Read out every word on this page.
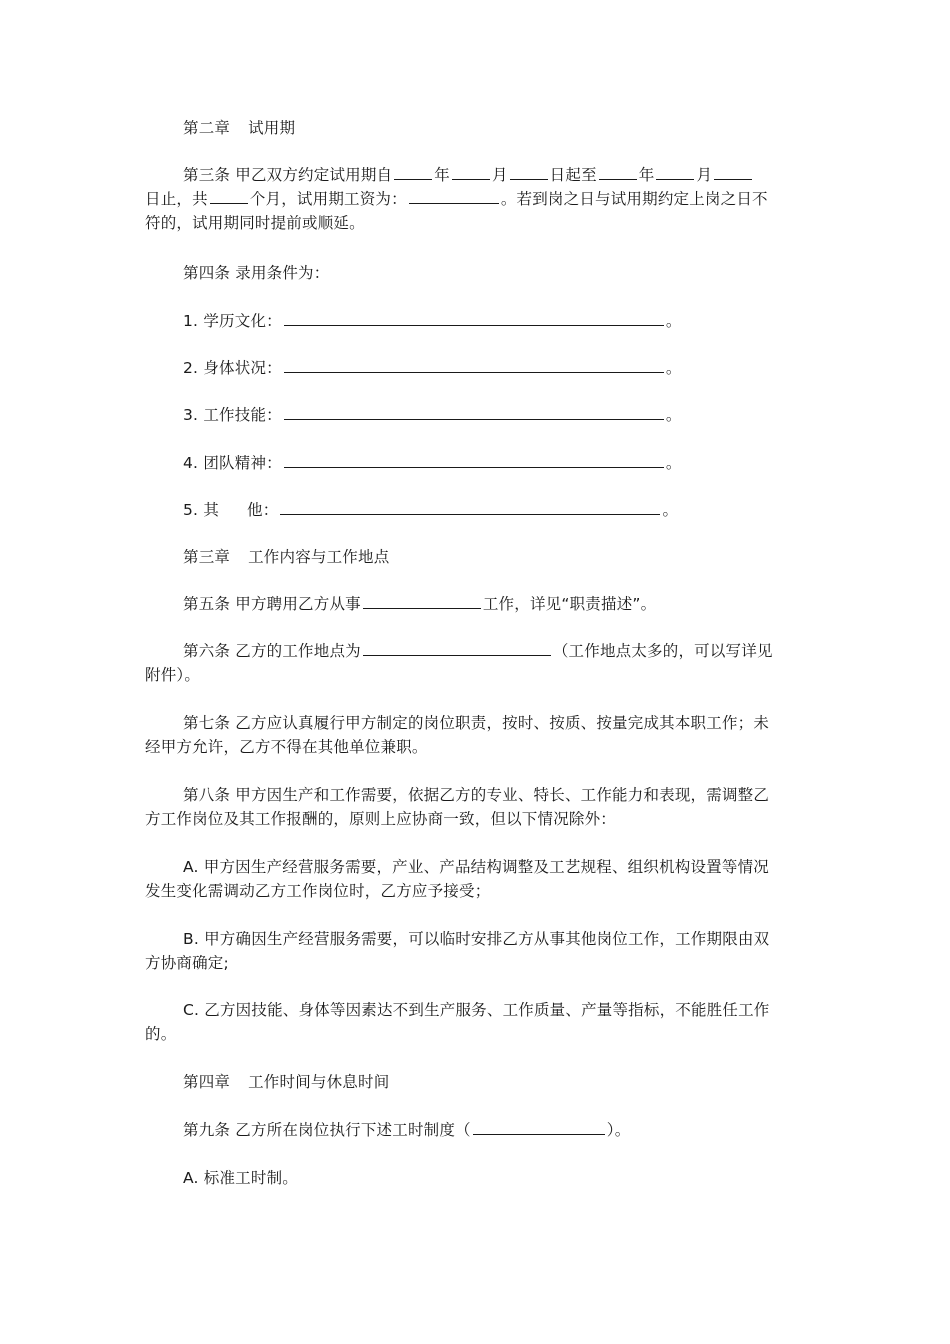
第二章 试用期
第三条 甲乙双方约定试用期自	年	月	日起至	年	月
日止，共	个月，试用期工资为：	。若到岗之日与试用期约定上岗之日不
符的，试用期同时提前或顺延。
第四条 录用条件为：
1. 学历文化：	。
2. 身体状况：	。
3. 工作技能：	。
4. 团队精神：	。
5. 其 他：	。
第三章 工作内容与工作地点
第五条 甲方聘用乙方从事	工作，详见“职责描述”。
第六条 乙方的工作地点为	（工作地点太多的，可以写详见
附件）。
第七条 乙方应认真履行甲方制定的岗位职责，按时、按质、按量完成其本职工作；未
经甲方允许，乙方不得在其他单位兼职。
第八条 甲方因生产和工作需要，依据乙方的专业、特长、工作能力和表现，需调整乙
方工作岗位及其工作报酬的，原则上应协商一致，但以下情况除外：
A. 甲方因生产经营服务需要，产业、产品结构调整及工艺规程、组织机构设置等情况
发生变化需调动乙方工作岗位时，乙方应予接受；
B. 甲方确因生产经营服务需要，可以临时安排乙方从事其他岗位工作，工作期限由双
方协商确定;
C. 乙方因技能、身体等因素达不到生产服务、工作质量、产量等指标，不能胜任工作
的。
第四章 工作时间与休息时间
第九条 乙方所在岗位执行下述工时制度（	）。
A. 标准工时制。
